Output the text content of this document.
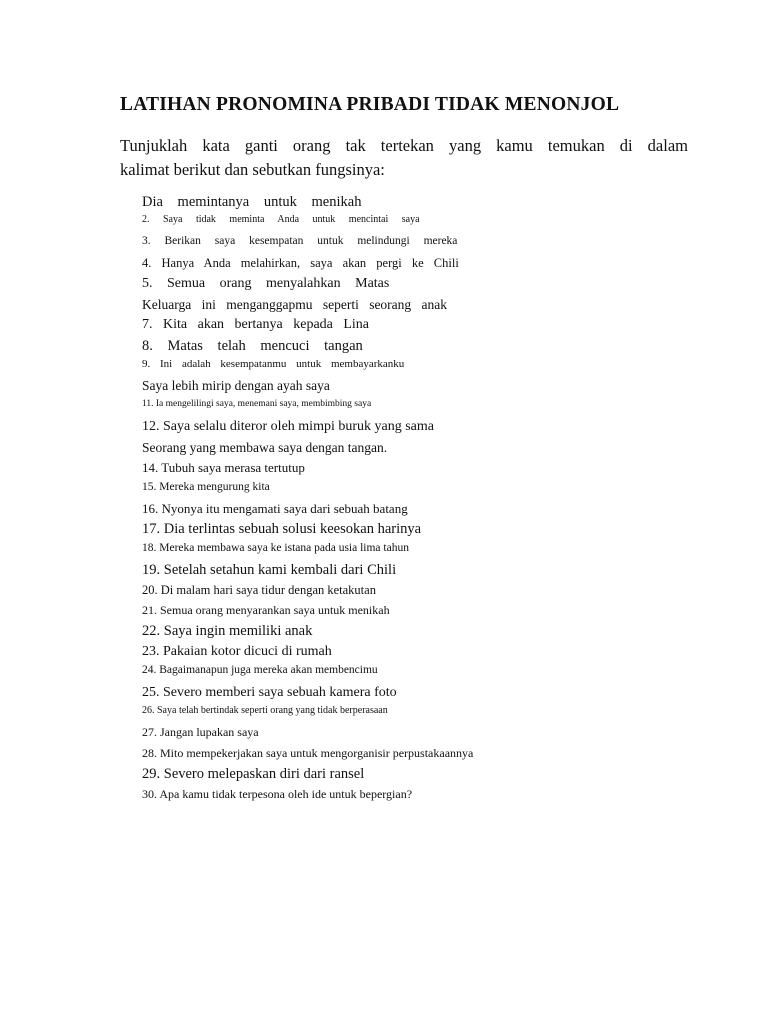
LATIHAN PRONOMINA PRIBADI TIDAK MENONJOL
Tunjuklah kata ganti orang tak tertekan yang kamu temukan di dalam
kalimat berikut dan sebutkan fungsinya:
Dia memintanya untuk menikah
2. Saya tidak meminta Anda untuk mencintai saya
3. Berikan saya kesempatan untuk melindungi mereka
4. Hanya Anda melahirkan, saya akan pergi ke Chili
5. Semua orang menyalahkan Matas
Keluarga ini menganggapmu seperti seorang anak
7. Kita akan bertanya kepada Lina
8. Matas telah mencuci tangan
9. Ini adalah kesempatanmu untuk membayarkanku
Saya lebih mirip dengan ayah saya
11. Ia mengelilingi saya, menemani saya, membimbing saya
12. Saya selalu diteror oleh mimpi buruk yang sama
Seorang yang membawa saya dengan tangan.
14. Tubuh saya merasa tertutup
15. Mereka mengurung kita
16. Nyonya itu mengamati saya dari sebuah batang
17. Dia terlintas sebuah solusi keesokan harinya
18. Mereka membawa saya ke istana pada usia lima tahun
19. Setelah setahun kami kembali dari Chili
20. Di malam hari saya tidur dengan ketakutan
21. Semua orang menyarankan saya untuk menikah
22. Saya ingin memiliki anak
23. Pakaian kotor dicuci di rumah
24. Bagaimanapun juga mereka akan membencimu
25. Severo memberi saya sebuah kamera foto
26. Saya telah bertindak seperti orang yang tidak berperasaan
27. Jangan lupakan saya
28. Mito mempekerjakan saya untuk mengorganisir perpustakaannya
29. Severo melepaskan diri dari ransel
30. Apa kamu tidak terpesona oleh ide untuk bepergian?
